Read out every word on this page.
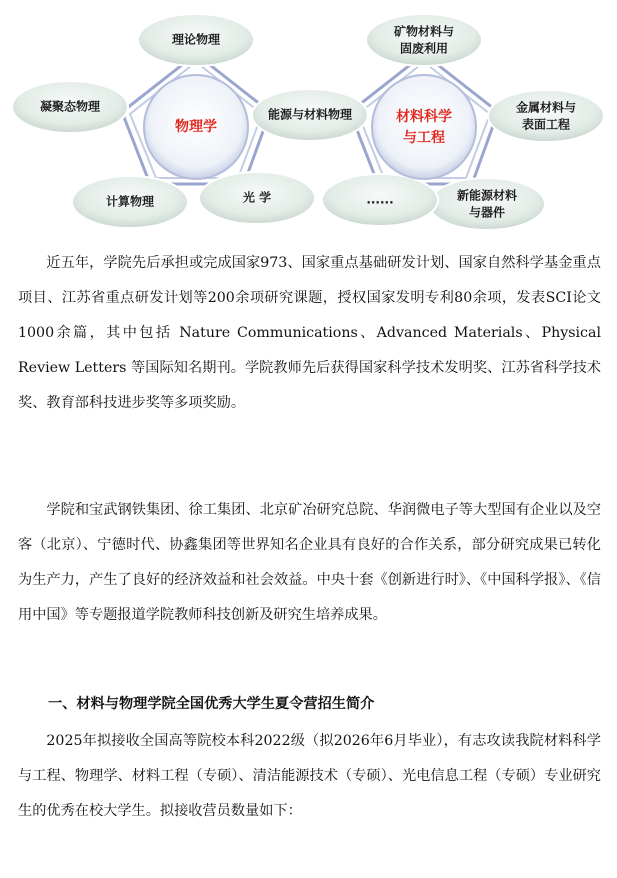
理论物理
凝聚态物理
计算物理	光 学
能源与材料物理
物理学
矿物材料与
固废利用
金属材料与
表面工程
新能源材料
与器件
......
材料科学
与工程

近五年，学院先后承担或完成国家973、国家重点基础研发计划、国家自然科学基金重点项目、江苏省重点研发计划等200余项研究课题，授权国家发明专利80余项，发表SCI论文1000余篇，其中包括 Nature Communications、Advanced Materials、Physical Review Letters 等国际知名期刊。学院教师先后获得国家科学技术发明奖、江苏省科学技术奖、教育部科技进步奖等多项奖励。

学院和宝武钢铁集团、徐工集团、北京矿冶研究总院、华润微电子等大型国有企业以及空客（北京）、宁德时代、协鑫集团等世界知名企业具有良好的合作关系，部分研究成果已转化为生产力，产生了良好的经济效益和社会效益。中央十套《创新进行时》、《中国科学报》、《信用中国》等专题报道学院教师科技创新及研究生培养成果。

一、材料与物理学院全国优秀大学生夏令营招生简介

2025年拟接收全国高等院校本科2022级（拟2026年6月毕业），有志攻读我院材料科学与工程、物理学、材料工程（专硕）、清洁能源技术（专硕）、光电信息工程（专硕）专业研究生的优秀在校大学生。拟接收营员数量如下：
